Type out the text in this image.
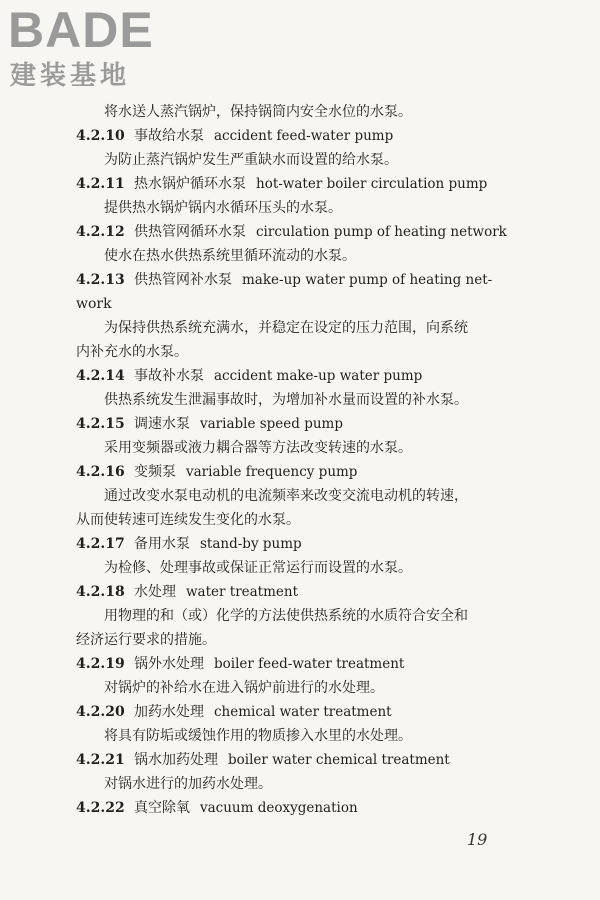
BADE
建装基地
将水送人蒸汽锅炉，保持锅筒内安全水位的水泵。
4.2.10 事故给水泵 accident feed-water pump
为防止蒸汽锅炉发生严重缺水而设置的给水泵。
4.2.11 热水锅炉循环水泵 hot-water boiler circulation pump
提供热水锅炉锅内水循环压头的水泵。
4.2.12 供热管网循环水泵 circulation pump of heating network
使水在热水供热系统里循环流动的水泵。
4.2.13 供热管网补水泵 make-up water pump of heating net-
work
为保持供热系统充满水，并稳定在设定的压力范围，向系统
内补充水的水泵。
4.2.14 事故补水泵 accident make-up water pump
供热系统发生泄漏事故时，为增加补水量而设置的补水泵。
4.2.15 调速水泵 variable speed pump
采用变频器或液力耦合器等方法改变转速的水泵。
4.2.16 变频泵 variable frequency pump
通过改变水泵电动机的电流频率来改变交流电动机的转速，
从而使转速可连续发生变化的水泵。
4.2.17 备用水泵 stand-by pump
为检修、处理事故或保证正常运行而设置的水泵。
4.2.18 水处理 water treatment
用物理的和（或）化学的方法使供热系统的水质符合安全和
经济运行要求的措施。
4.2.19 锅外水处理 boiler feed-water treatment
对锅炉的补给水在进入锅炉前进行的水处理。
4.2.20 加药水处理 chemical water treatment
将具有防垢或缓蚀作用的物质掺入水里的水处理。
4.2.21 锅水加药处理 boiler water chemical treatment
对锅水进行的加药水处理。
4.2.22 真空除氧 vacuum deoxygenation
19
